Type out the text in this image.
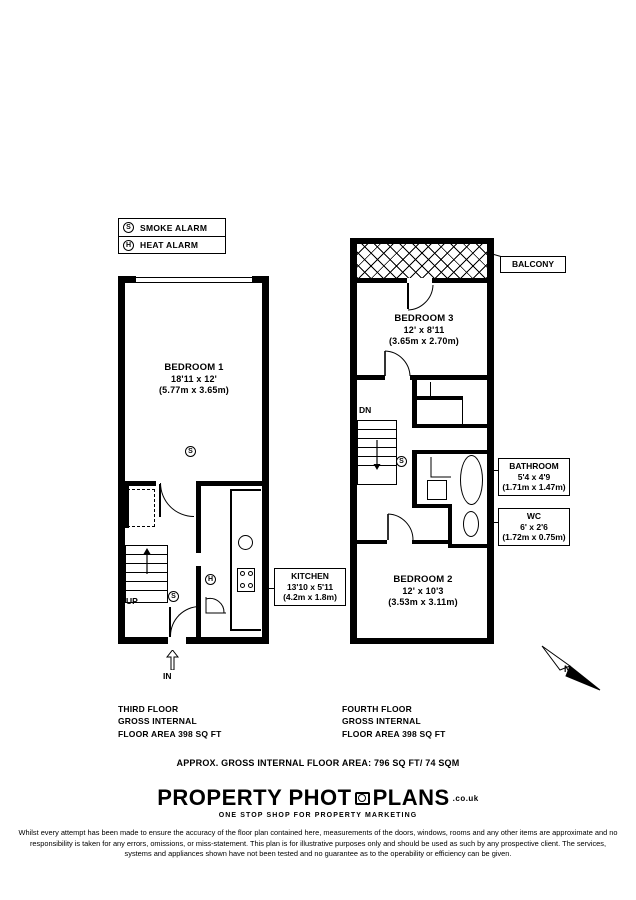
S	SMOKE ALARM
H	HEAT ALARM
UP
S
S
H
BEDROOM 1
18'11 x 12'
(5.77m x 3.65m)
KITCHEN
13'10 x 5'11
(4.2m x 1.8m)
IN
THIRD FLOOR
GROSS INTERNAL
FLOOR AREA 398 SQ FT
BALCONY
BEDROOM 3
12' x 8'11
(3.65m x 2.70m)
DN
S	BATHROOM
5'4 x 4'9
(1.71m x 1.47m)
WC
6' x 2'6
(1.72m x 0.75m)
BEDROOM 2
12' x 10'3
(3.53m x 3.11m)
FOURTH FLOOR
GROSS INTERNAL
FLOOR AREA 398 SQ FT
N
APPROX. GROSS INTERNAL FLOOR AREA: 796 SQ FT/ 74 SQM
PROPERTY PHOT PLANS .co.uk
ONE STOP SHOP FOR PROPERTY MARKETING
Whilst every attempt has been made to ensure the accuracy of the floor plan contained here, measurements of the doors, windows, rooms and any other items are approximate and no responsibility is taken for any errors, omissions, or miss-statement. This plan is for illustrative purposes only and should be used as such by any prospective client. The services, systems and appliances shown have not been tested and no guarantee as to the operability or efficiency can be given.
